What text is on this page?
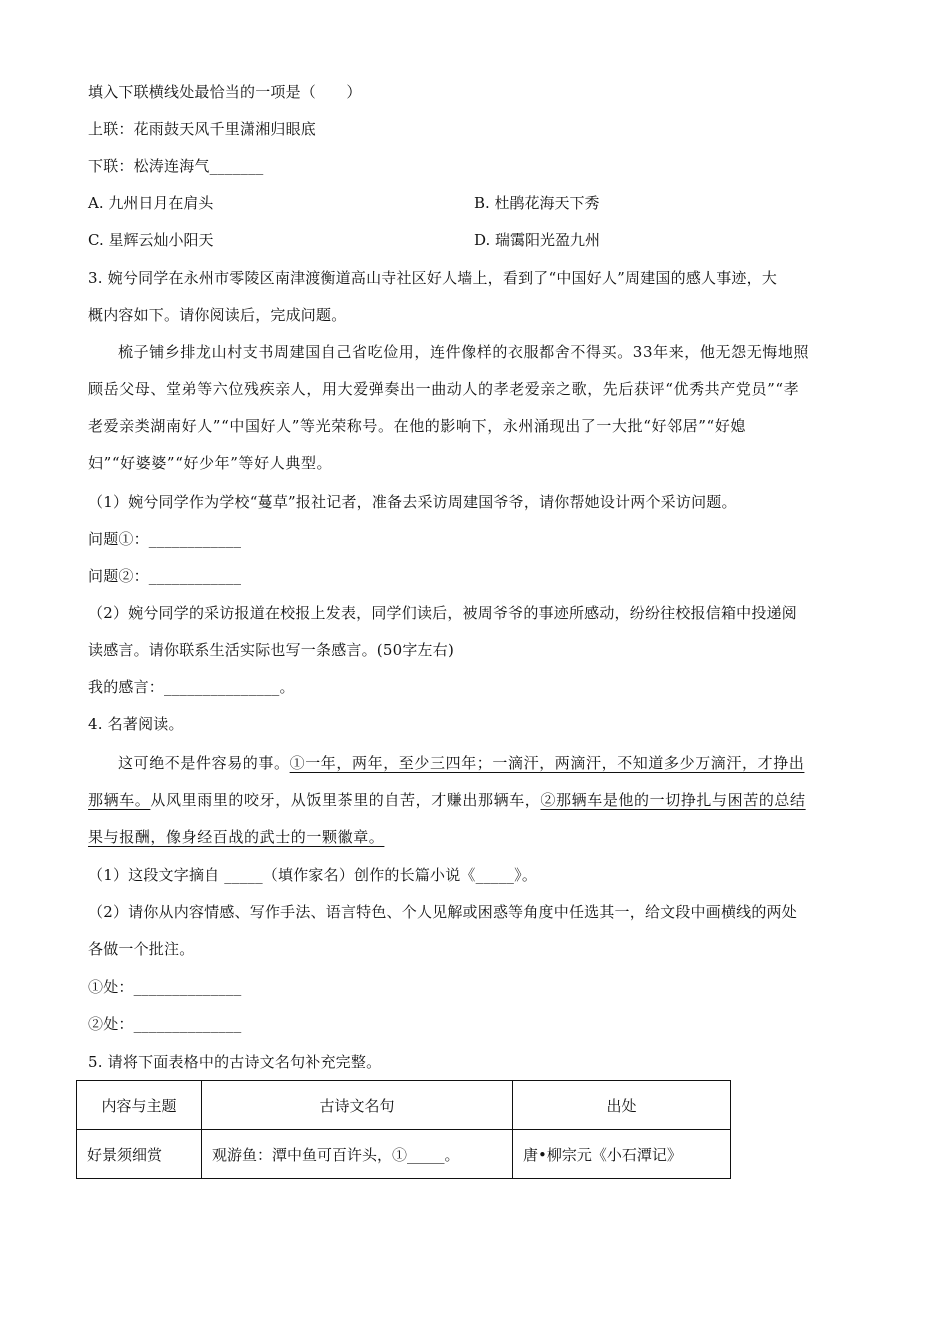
填入下联横线处最恰当的一项是（　　）
上联：花雨鼓天风千里潇湘归眼底
下联：松涛连海气_______
A. 九州日月在肩头	B. 杜鹃花海天下秀
C. 星辉云灿小阳天	D. 瑞霭阳光盈九州
3. 婉兮同学在永州市零陵区南津渡衡道高山寺社区好人墙上，看到了“中国好人”周建国的感人事迹，大
概内容如下。请你阅读后，完成问题。
梳子铺乡排龙山村支书周建国自己省吃俭用，连件像样的衣服都舍不得买。33年来，他无怨无悔地照
顾岳父母、堂弟等六位残疾亲人，用大爱弹奏出一曲动人的孝老爱亲之歌，先后获评“优秀共产党员”“孝
老爱亲类湖南好人”“中国好人”等光荣称号。在他的影响下，永州涌现出了一大批“好邻居”“好媳
妇”“好婆婆”“好少年”等好人典型。
（1）婉兮同学作为学校“蔓草”报社记者，准备去采访周建国爷爷，请你帮她设计两个采访问题。
问题①：____________
问题②：____________
（2）婉兮同学的采访报道在校报上发表，同学们读后，被周爷爷的事迹所感动，纷纷往校报信箱中投递阅
读感言。请你联系生活实际也写一条感言。(50字左右)
我的感言：_______________。
4. 名著阅读。
这可绝不是件容易的事。①一年，两年，至少三四年；一滴汗，两滴汗，不知道多少万滴汗，才挣出
那辆车。从风里雨里的咬牙，从饭里茶里的自苦，才赚出那辆车，②那辆车是他的一切挣扎与困苦的总结
果与报酬，像身经百战的武士的一颗徽章。
（1）这段文字摘自 _____（填作家名）创作的长篇小说《_____》。
（2）请你从内容情感、写作手法、语言特色、个人见解或困惑等角度中任选其一，给文段中画横线的两处
各做一个批注。
①处：______________
②处：______________
5. 请将下面表格中的古诗文名句补充完整。
内容与主题	古诗文名句	出处
好景须细赏	观游鱼：潭中鱼可百许头，①_____。	唐•柳宗元《小石潭记》
